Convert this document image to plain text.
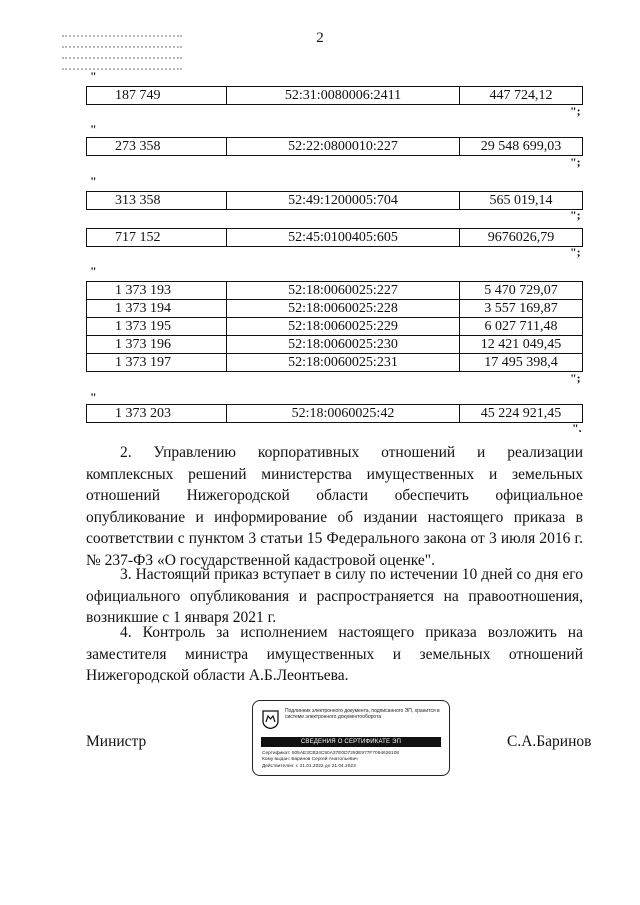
2
"
187 749	52:31:0080006:2411	447 724,12
";
"
273 358	52:22:0800010:227	29 548 699,03
";
"
313 358	52:49:1200005:704	565 019,14
";
717 152	52:45:0100405:605	9676026,79
";
"
1 373 193	52:18:0060025:227	5 470 729,07
1 373 194	52:18:0060025:228	3 557 169,87
1 373 195	52:18:0060025:229	6 027 711,48
1 373 196	52:18:0060025:230	12 421 049,45
1 373 197	52:18:0060025:231	17 495 398,4
";
"
1 373 203	52:18:0060025:42	45 224 921,45
".

2. Управлению корпоративных отношений и реализации комплексных решений министерства имущественных и земельных отношений Нижегородской области обеспечить официальное опубликование и информирование об издании настоящего приказа в соответствии с пунктом 3 статьи 15 Федерального закона от 3 июля 2016 г. № 237-ФЗ «О государственной кадастровой оценке".

3. Настоящий приказ вступает в силу по истечении 10 дней со дня его официального опубликования и распространяется на правоотношения, возникшие с 1 января 2021 г.

4. Контроль за исполнением настоящего приказа возложить на заместителя министра имущественных и земельных отношений Нижегородской области А.Б.Леонтьева.

Министр	С.А.Баринов
Подлинник электронного документа, подписанного ЭП, хранится в системе электронного документооборота
СВЕДЕНИЯ О СЕРТИФИКАТЕ ЭП
Сертификат: 505AE3CB34C50A37E0D7293E977F7094626108
Кому выдан: Баринов Сергей Анатольевич
Действителен: с 21.01.2022 до 21.04.2023
